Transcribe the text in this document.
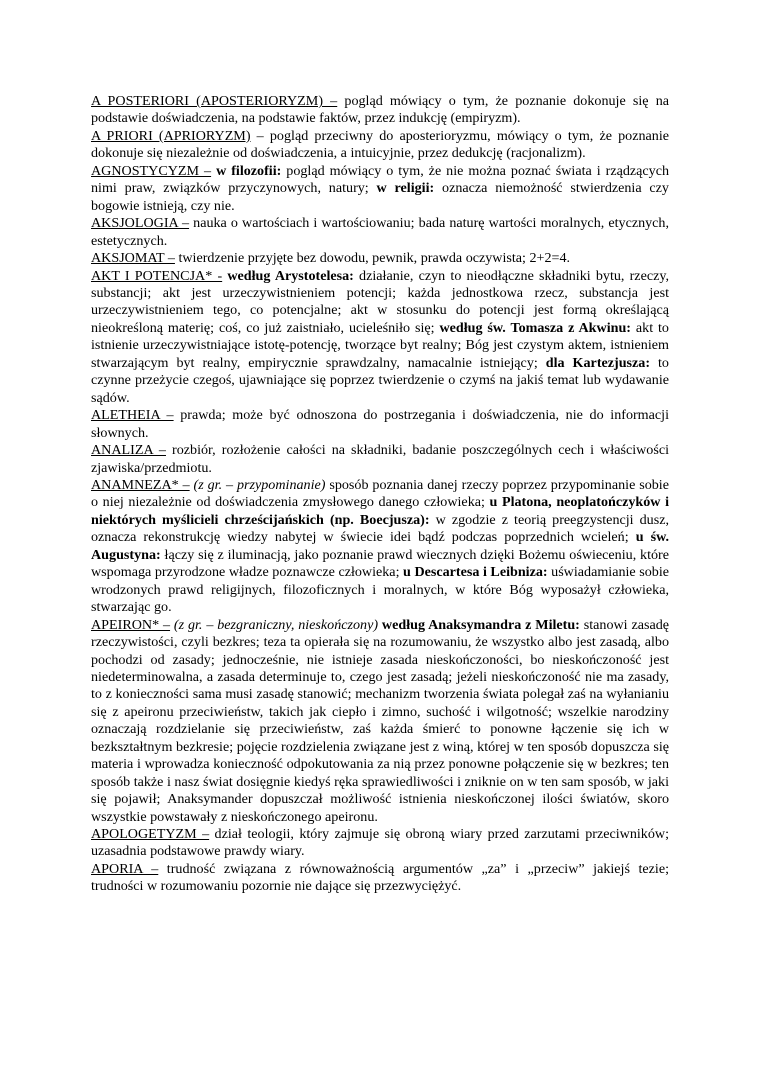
A POSTERIORI (APOSTERIORYZM) – pogląd mówiący o tym, że poznanie dokonuje się na podstawie doświadczenia, na podstawie faktów, przez indukcję (empiryzm).

A PRIORI (APRIORYZM) – pogląd przeciwny do aposterioryzmu, mówiący o tym, że poznanie dokonuje się niezależnie od doświadczenia, a intuicyjnie, przez dedukcję (racjonalizm).

AGNOSTYCYZM – w filozofii: pogląd mówiący o tym, że nie można poznać świata i rządzących nimi praw, związków przyczynowych, natury; w religii: oznacza niemożność stwierdzenia czy bogowie istnieją, czy nie.

AKSJOLOGIA – nauka o wartościach i wartościowaniu; bada naturę wartości moralnych, etycznych, estetycznych.

AKSJOMAT – twierdzenie przyjęte bez dowodu, pewnik, prawda oczywista; 2+2=4.

AKT I POTENCJA* - według Arystotelesa: działanie, czyn to nieodłączne składniki bytu, rzeczy, substancji; akt jest urzeczywistnieniem potencji; każda jednostkowa rzecz, substancja jest urzeczywistnieniem tego, co potencjalne; akt w stosunku do potencji jest formą określającą nieokreśloną materię; coś, co już zaistniało, ucieleśniło się; według św. Tomasza z Akwinu: akt to istnienie urzeczywistniające istotę-potencję, tworzące byt realny; Bóg jest czystym aktem, istnieniem stwarzającym byt realny, empirycznie sprawdzalny, namacalnie istniejący; dla Kartezjusza: to czynne przeżycie czegoś, ujawniające się poprzez twierdzenie o czymś na jakiś temat lub wydawanie sądów.

ALETHEIA – prawda; może być odnoszona do postrzegania i doświadczenia, nie do informacji słownych.

ANALIZA – rozbiór, rozłożenie całości na składniki, badanie poszczególnych cech i właściwości zjawiska/przedmiotu.

ANAMNEZA* – (z gr. – przypominanie) sposób poznania danej rzeczy poprzez przypominanie sobie o niej niezależnie od doświadczenia zmysłowego danego człowieka; u Platona, neoplatończyków i niektórych myślicieli chrześcijańskich (np. Boecjusza): w zgodzie z teorią preegzystencji dusz, oznacza rekonstrukcję wiedzy nabytej w świecie idei bądź podczas poprzednich wcieleń; u św. Augustyna: łączy się z iluminacją, jako poznanie prawd wiecznych dzięki Bożemu oświeceniu, które wspomaga przyrodzone władze poznawcze człowieka; u Descartesa i Leibniza: uświadamianie sobie wrodzonych prawd religijnych, filozoficznych i moralnych, w które Bóg wyposażył człowieka, stwarzając go.

APEIRON* – (z gr. – bezgraniczny, nieskończony) według Anaksymandra z Miletu: stanowi zasadę rzeczywistości, czyli bezkres; teza ta opierała się na rozumowaniu, że wszystko albo jest zasadą, albo pochodzi od zasady; jednocześnie, nie istnieje zasada nieskończoności, bo nieskończoność jest niedeterminowalna, a zasada determinuje to, czego jest zasadą; jeżeli nieskończoność nie ma zasady, to z konieczności sama musi zasadę stanowić; mechanizm tworzenia świata polegał zaś na wyłanianiu się z apeironu przeciwieństw, takich jak ciepło i zimno, suchość i wilgotność; wszelkie narodziny oznaczają rozdzielanie się przeciwieństw, zaś każda śmierć to ponowne łączenie się ich w bezkształtnym bezkresie; pojęcie rozdzielenia związane jest z winą, której w ten sposób dopuszcza się materia i wprowadza konieczność odpokutowania za nią przez ponowne połączenie się w bezkres; ten sposób także i nasz świat dosięgnie kiedyś ręka sprawiedliwości i zniknie on w ten sam sposób, w jaki się pojawił; Anaksymander dopuszczał możliwość istnienia nieskończonej ilości światów, skoro wszystkie powstawały z nieskończonego apeironu.

APOLOGETYZM – dział teologii, który zajmuje się obroną wiary przed zarzutami przeciwników; uzasadnia podstawowe prawdy wiary.

APORIA – trudność związana z równoważnością argumentów „za” i „przeciw” jakiejś tezie; trudności w rozumowaniu pozornie nie dające się przezwyciężyć.
